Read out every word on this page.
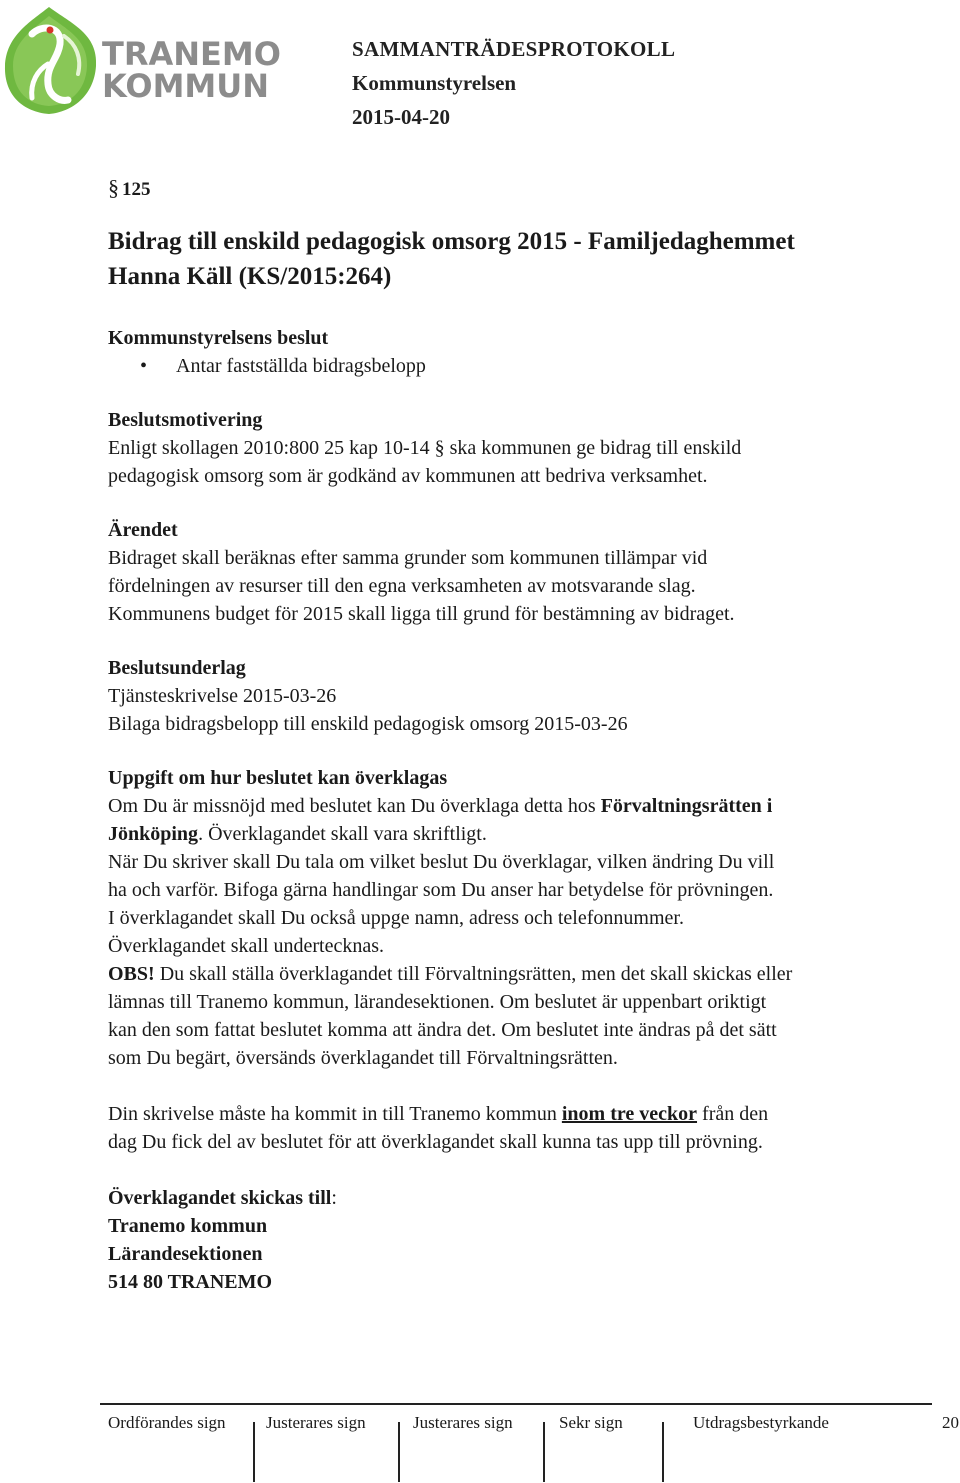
TRANEMO
KOMMUN
SAMMANTRÄDESPROTOKOLL
Kommunstyrelsen
2015-04-20
§ 125
Bidrag till enskild pedagogisk omsorg 2015 - Familjedaghemmet
Hanna Käll (KS/2015:264)
Kommunstyrelsens beslut
•	Antar fastställda bidragsbelopp
Beslutsmotivering
Enligt skollagen 2010:800 25 kap 10-14 § ska kommunen ge bidrag till enskild
pedagogisk omsorg som är godkänd av kommunen att bedriva verksamhet.
Ärendet
Bidraget skall beräknas efter samma grunder som kommunen tillämpar vid
fördelningen av resurser till den egna verksamheten av motsvarande slag.
Kommunens budget för 2015 skall ligga till grund för bestämning av bidraget.
Beslutsunderlag
Tjänsteskrivelse 2015-03-26
Bilaga bidragsbelopp till enskild pedagogisk omsorg 2015-03-26
Uppgift om hur beslutet kan överklagas
Om Du är missnöjd med beslutet kan Du överklaga detta hos Förvaltningsrätten i
Jönköping. Överklagandet skall vara skriftligt.
När Du skriver skall Du tala om vilket beslut Du överklagar, vilken ändring Du vill
ha och varför. Bifoga gärna handlingar som Du anser har betydelse för prövningen.
I överklagandet skall Du också uppge namn, adress och telefonnummer.
Överklagandet skall undertecknas.
OBS! Du skall ställa överklagandet till Förvaltningsrätten, men det skall skickas eller
lämnas till Tranemo kommun, lärandesektionen. Om beslutet är uppenbart oriktigt
kan den som fattat beslutet komma att ändra det. Om beslutet inte ändras på det sätt
som Du begärt, översänds överklagandet till Förvaltningsrätten.
Din skrivelse måste ha kommit in till Tranemo kommun inom tre veckor från den
dag Du fick del av beslutet för att överklagandet skall kunna tas upp till prövning.
Överklagandet skickas till:
Tranemo kommun
Lärandesektionen
514 80 TRANEMO
Ordförandes sign Justerares sign	Justerares sign	Sekr sign	Utdragsbestyrkande	20
